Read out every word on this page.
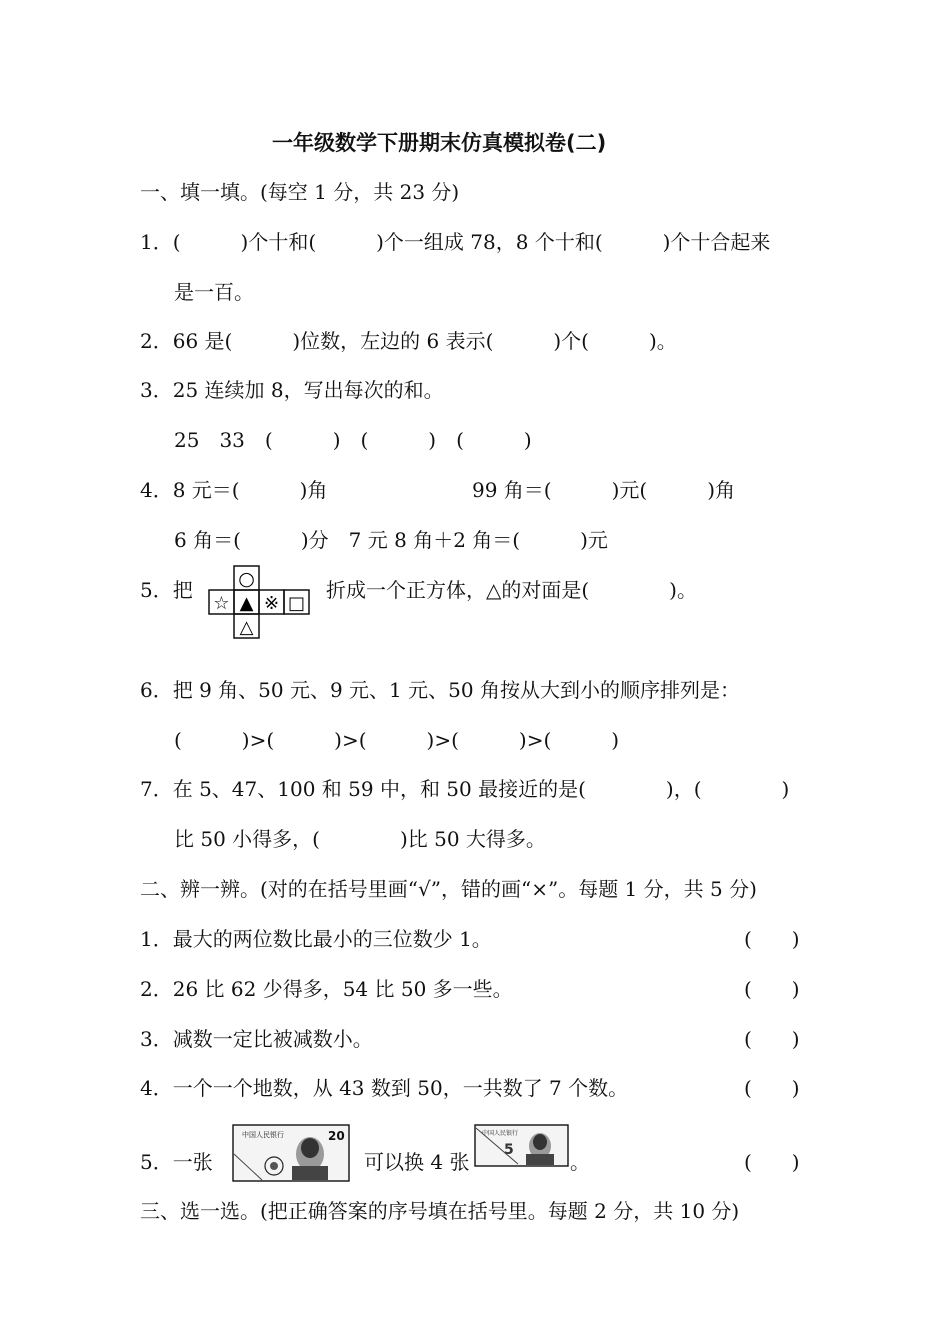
一年级数学下册期末仿真模拟卷(二)
一、填一填。(每空 1 分，共 23 分)
1．(　　　)个十和(　　　)个一组成 78，8 个十和(　　　)个十合起来
是一百。
2．66 是(　　　)位数，左边的 6 表示(　　　)个(　　　)。
3．25 连续加 8，写出每次的和。
25　33　(　　　)　(　　　)　(　　　)
4．8 元＝(　　　)角	99 角＝(　　　)元(　　　)角
6 角＝(　　　)分　7 元 8 角＋2 角＝(　　　)元
5．把 ○
☆ ▲ ※ □
△
折成一个正方体，△的对面是(　　　　)。
6．把 9 角、50 元、9 元、1 元、50 角按从大到小的顺序排列是：
(　　　)>(　　　)>(　　　)>(　　　)>(　　　)
7．在 5、47、100 和 59 中，和 50 最接近的是(　　　　)，(　　　　)
比 50 小得多，(　　　　)比 50 大得多。
二、辨一辨。(对的在括号里画“√”，错的画“×”。每题 1 分，共 5 分)
1．最大的两位数比最小的三位数少 1。	(　　)
2．26 比 62 少得多，54 比 50 多一些。	(　　)
3．减数一定比被减数小。	(　　)
4．一个一个地数，从 43 数到 50，一共数了 7 个数。	(　　)
5．一张
中国人民银行	20
可以换 4 张
中国人民银行
5	。	(　　)
三、选一选。(把正确答案的序号填在括号里。每题 2 分，共 10 分)
